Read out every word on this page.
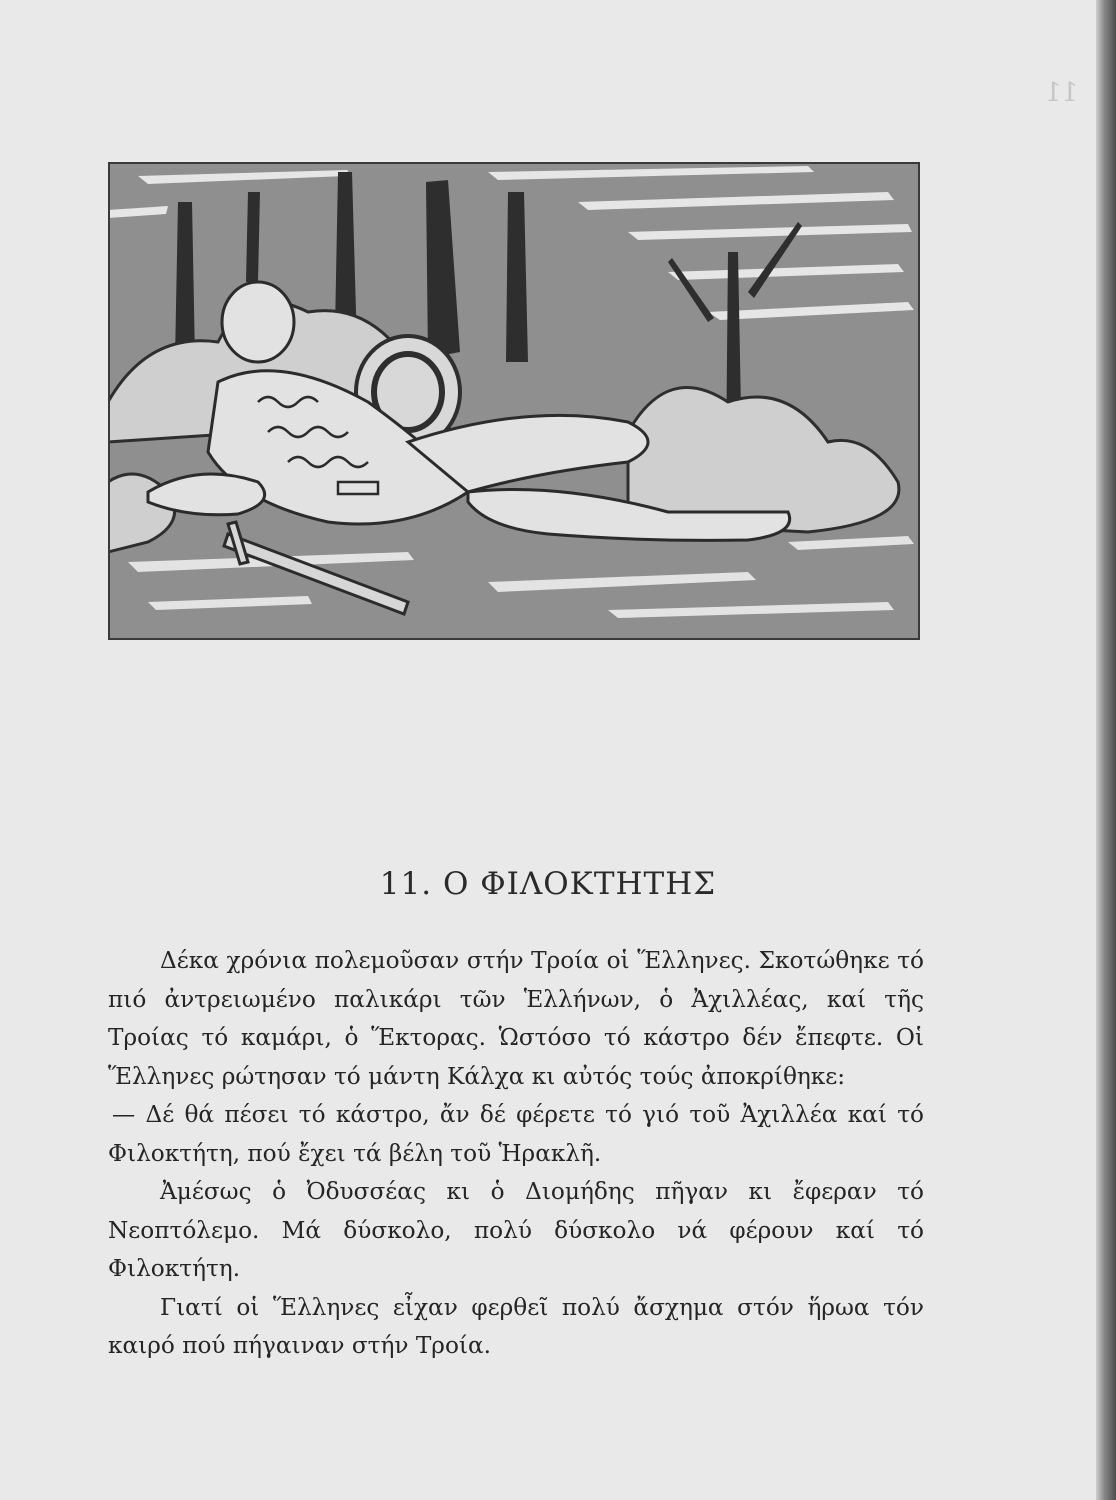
11
11. Ο ΦΙΛΟΚΤΗΤΗΣ

Δέκα χρόνια πολεμοῦσαν στήν Τροία οἱ Ἕλληνες. Σκοτώθηκε τό πιό ἀντρειωμένο παλικάρι τῶν Ἑλλήνων, ὁ Ἀχιλλέας, καί τῆς Τροίας τό καμάρι, ὁ Ἕκτορας. Ὡστόσο τό κάστρο δέν ἔπεφτε. Οἱ Ἕλληνες ρώτησαν τό μάντη Κάλχα κι αὐτός τούς ἀποκρίθηκε:

— Δέ θά πέσει τό κάστρο, ἄν δέ φέρετε τό γιό τοῦ Ἀχιλλέα καί τό Φιλοκτήτη, πού ἔχει τά βέλη τοῦ Ἡρακλῆ.

Ἀμέσως ὁ Ὀδυσσέας κι ὁ Διομήδης πῆγαν κι ἔφεραν τό Νεοπτόλεμο. Μά δύσκολο, πολύ δύσκολο νά φέρουν καί τό Φιλοκτήτη.

Γιατί οἱ Ἕλληνες εἶχαν φερθεῖ πολύ ἄσχημα στόν ἥρωα τόν καιρό πού πήγαιναν στήν Τροία.
